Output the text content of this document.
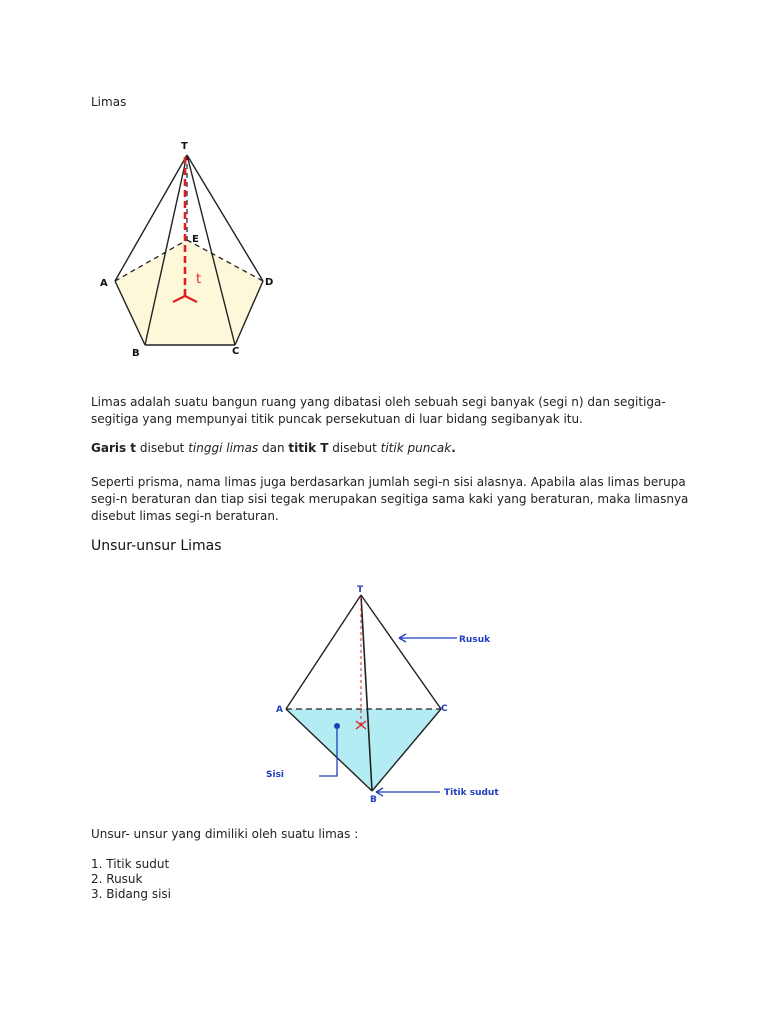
Limas
T
E
A	D
B	C
t
Limas adalah suatu bangun ruang yang dibatasi oleh sebuah segi banyak (segi n) dan segitiga-segitiga yang mempunyai titik puncak persekutuan di luar bidang segibanyak itu.
Garis t disebut tinggi limas dan titik T disebut titik puncak.
Seperti prisma, nama limas juga berdasarkan jumlah segi-n sisi alasnya. Apabila alas limas berupa segi-n beraturan dan tiap sisi tegak merupakan segitiga sama kaki yang beraturan, maka limasnya disebut limas segi-n beraturan.
Unsur-unsur Limas
T
A	C
B
Rusuk
Sisi
Titik sudut
Unsur- unsur yang dimiliki oleh suatu limas :
1. Titik sudut
2. Rusuk
3. Bidang sisi
